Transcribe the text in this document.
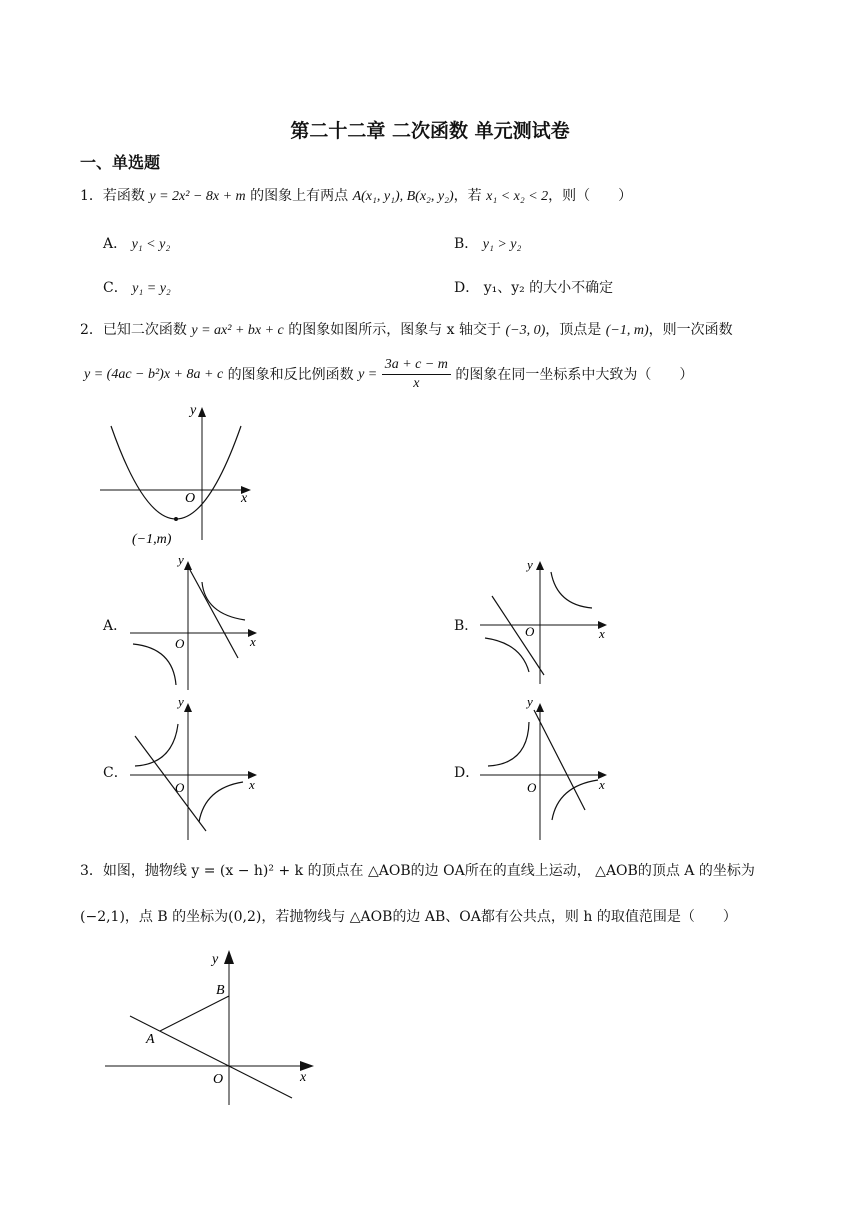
第二十二章 二次函数 单元测试卷
一、单选题
1．若函数 y = 2x² − 8x + m 的图象上有两点 A(x₁, y₁), B(x₂, y₂)，若 x₁ < x₂ < 2，则（　　）
A． y₁ < y₂	B． y₁ > y₂
C． y₁ = y₂	D． y₁、y₂ 的大小不确定
2．已知二次函数 y = ax² + bx + c 的图象如图所示，图象与 x 轴交于 (−3, 0)，顶点是 (−1, m)，则一次函数
y = (4ac − b²)x + 8a + c 的图象和反比例函数 $y = \frac{3a + c - m}{x}$ 的图象在同一坐标系中大致为（　　）
y
x
O
(−1,m)
A．	B．
C．	D．
y
x
O
y
x
O
y
x
O
y
x
O
3．如图，抛物线 y = (x − h)² + k 的顶点在 △AOB的边 OA所在的直线上运动， △AOB的顶点 A 的坐标为
(−2,1)，点 B 的坐标为(0,2)，若抛物线与 △AOB的边 AB、OA都有公共点，则 h 的取值范围是（　　）
y
x
O
A
B
